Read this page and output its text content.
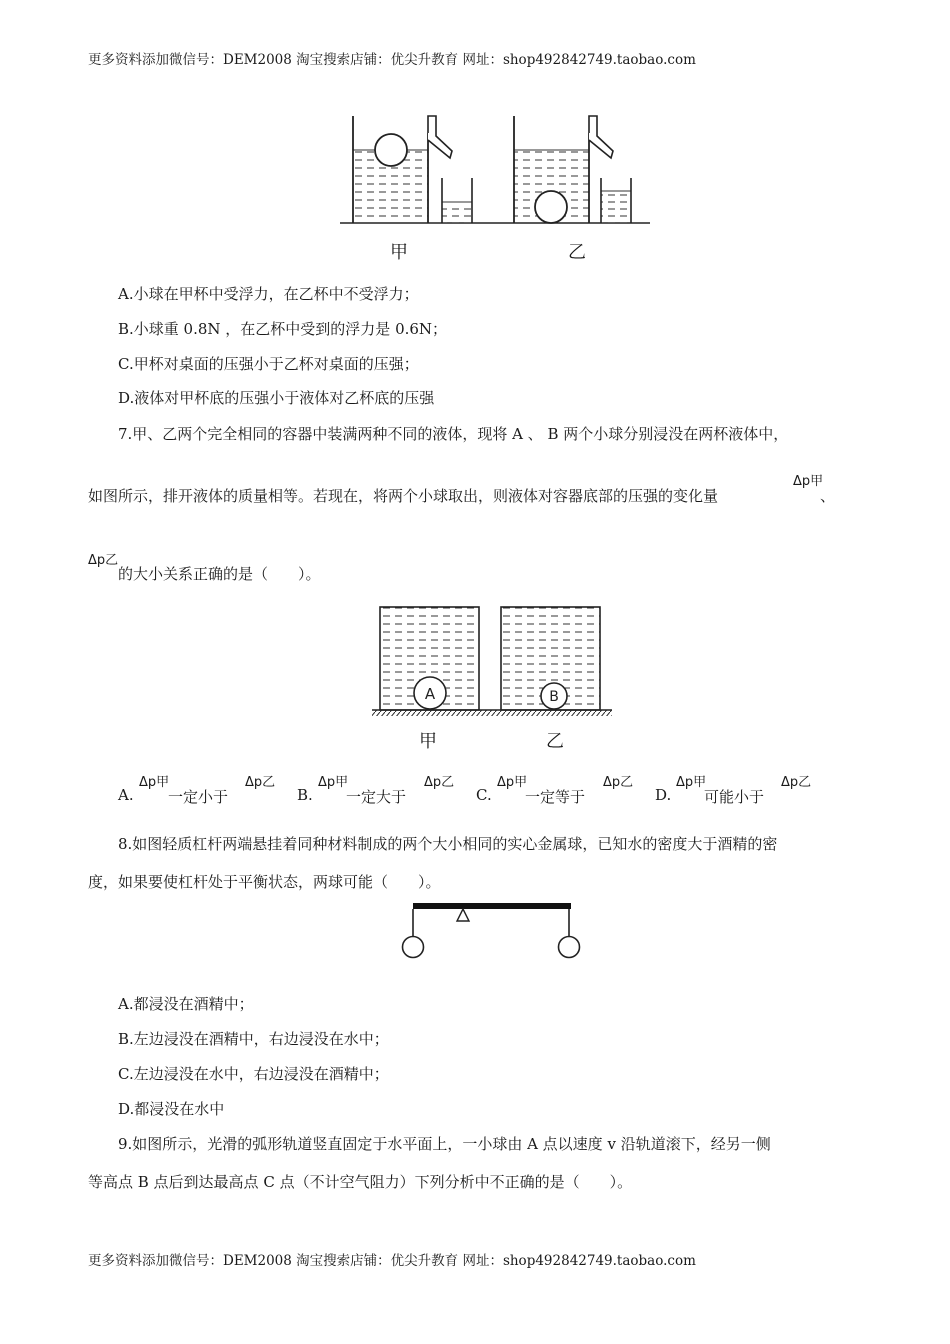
更多资料添加微信号：DEM2008 淘宝搜索店铺：优尖升教育 网址：shop492842749.taobao.com
甲	乙
A.小球在甲杯中受浮力，在乙杯中不受浮力；
B.小球重 0.8N ，在乙杯中受到的浮力是 0.6N；
C.甲杯对桌面的压强小于乙杯对桌面的压强；
D.液体对甲杯底的压强小于液体对乙杯底的压强
7.甲、乙两个完全相同的容器中装满两种不同的液体，现将 A 、 B 两个小球分别浸没在两杯液体中，
如图所示，排开液体的质量相等。若现在，将两个小球取出，则液体对容器底部的压强的变化量
Δp甲
、
Δp乙
的大小关系正确的是（　　）。
A	B
甲	乙
A.
Δp甲
一定小于
Δp乙
B.
Δp甲
一定大于
Δp乙
C.
Δp甲
一定等于
Δp乙
D.
Δp甲
可能小于
Δp乙
8.如图轻质杠杆两端悬挂着同种材料制成的两个大小相同的实心金属球，已知水的密度大于酒精的密
度，如果要使杠杆处于平衡状态，两球可能（　　）。
A.都浸没在酒精中；
B.左边浸没在酒精中，右边浸没在水中；
C.左边浸没在水中，右边浸没在酒精中；
D.都浸没在水中
9.如图所示，光滑的弧形轨道竖直固定于水平面上，一小球由 A 点以速度 v 沿轨道滚下，经另一侧
等高点 B 点后到达最高点 C 点（不计空气阻力）下列分析中不正确的是（　　）。
更多资料添加微信号：DEM2008 淘宝搜索店铺：优尖升教育 网址：shop492842749.taobao.com
